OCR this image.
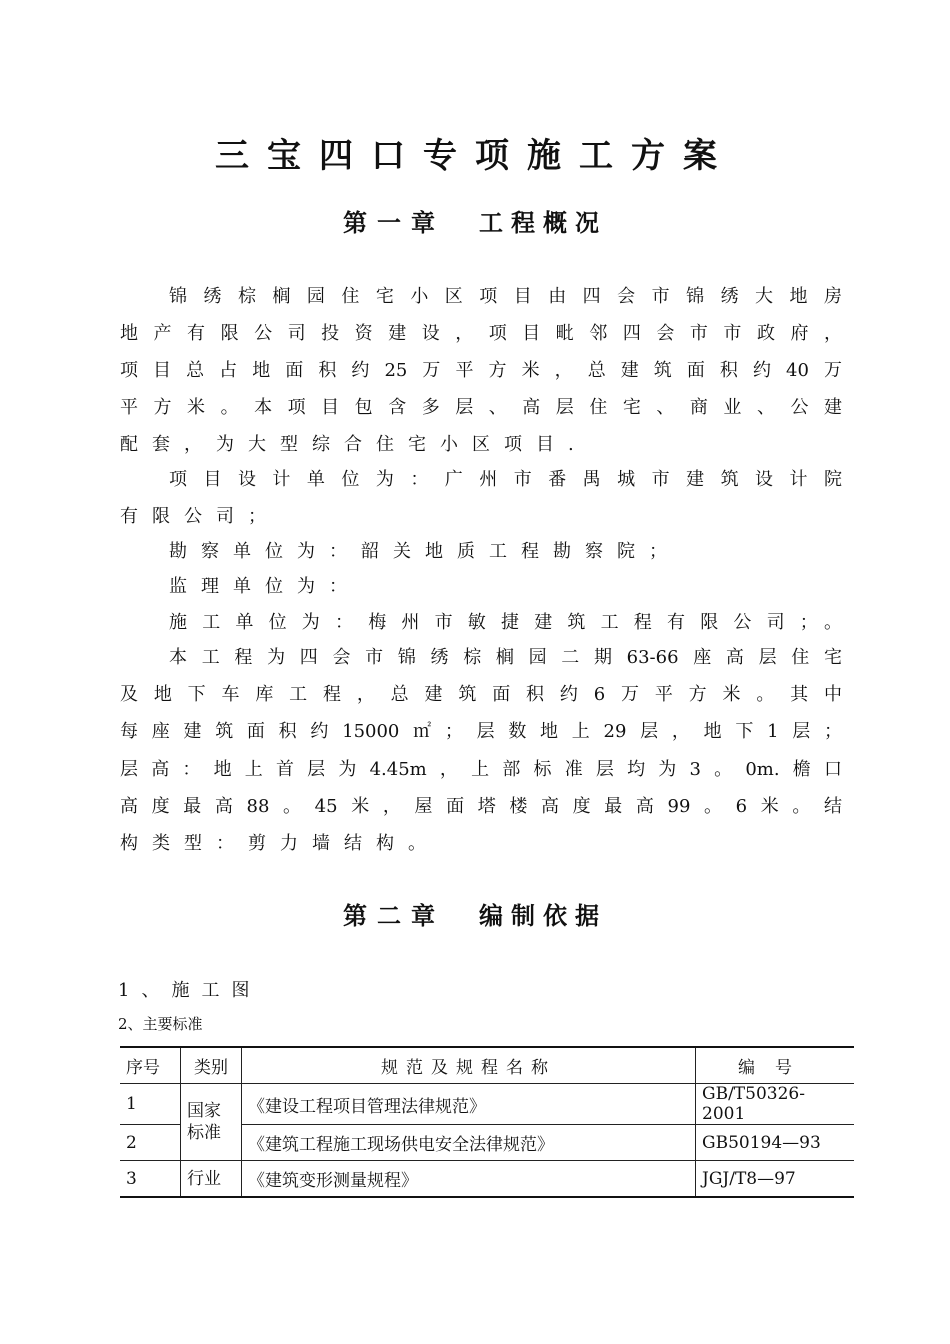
三宝四口专项施工方案
第一章 工程概况
锦绣棕榈园住宅小区项目由四会市锦绣大地房
地产有限公司投资建设，项目毗邻四会市市政府，
项目总占地面积约25万平方米，总建筑面积约40万
平方米。本项目包含多层、高层住宅、商业、公建
配套，为大型综合住宅小区项目.
项目设计单位为：广州市番禺城市建筑设计院
有限公司；
勘察单位为：韶关地质工程勘察院；
监理单位为：
施工单位为：梅州市敏捷建筑工程有限公司；。
本工程为四会市锦绣棕榈园二期63-66座高层住宅
及地下车库工程，总建筑面积约6万平方米。其中
每座建筑面积约15000㎡；层数地上29层，地下1层；
层高：地上首层为4.45m，上部标准层均为3。0m.檐口
高度最高88。45米，屋面塔楼高度最高99。6米。结
构类型：剪力墙结构。
第二章 编制依据
1、施工图
2、主要标准
序号	类别	规范及规程名称	编号
1	国家标准	《建设工程项目管理法律规范》	GB/T50326-2001
2		《建筑工程施工现场供电安全法律规范》	GB50194—93
3	行业	《建筑变形测量规程》	JGJ/T8—97
